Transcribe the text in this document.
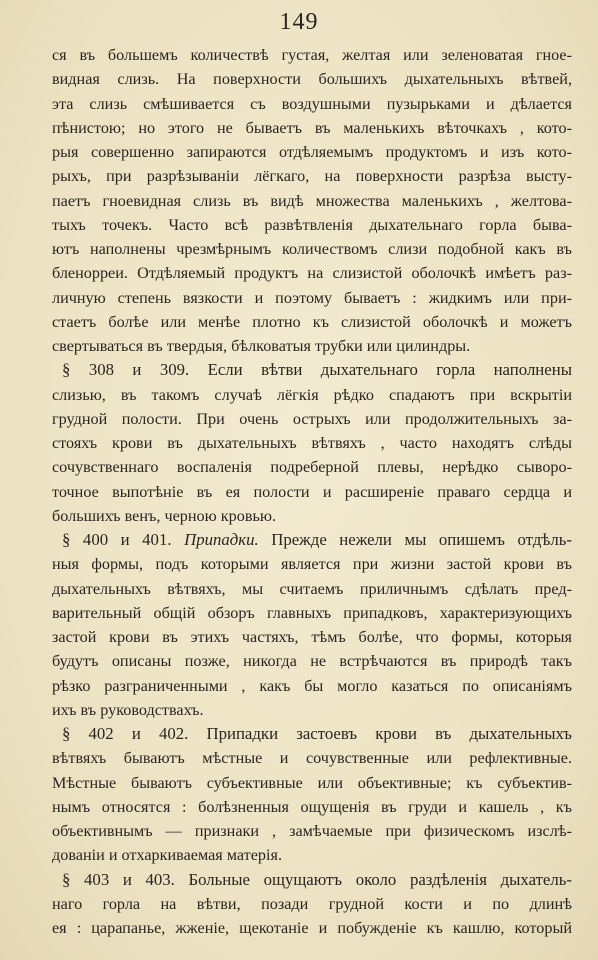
149
ся въ большемъ количествѣ густая, желтая или зеленоватая гное-
видная слизь. На поверхности большихъ дыхательныхъ вѣтвей,
эта слизь смѣшивается съ воздушными пузырьками и дѣлается
пѣнистою; но этого не бываетъ въ маленькихъ вѣточкахъ , кото-
рыя совершенно запираются отдѣляемымъ продуктомъ и изъ кото-
рыхъ, при разрѣзываніи лёгкаго, на поверхности разрѣза высту-
паетъ гноевидная слизь въ видѣ множества маленькихъ , желтова-
тыхъ точекъ. Часто всѣ развѣтвленія дыхательнаго горла быва-
ютъ наполнены чрезмѣрнымъ количествомъ слизи подобной какъ въ
бленорреи. Отдѣляемый продуктъ на слизистой оболочкѣ имѣетъ раз-
личную степень вязкости и поэтому бываетъ : жидкимъ или при-
стаетъ болѣе или менѣе плотно къ слизистой оболочкѣ и можетъ
свертываться въ твердыя, бѣлковатыя трубки или цилиндры.
§ 308 и 309. Если вѣтви дыхательнаго горла наполнены
слизью, въ такомъ случаѣ лёгкія рѣдко спадаютъ при вскрытіи
грудной полости. При очень острыхъ или продолжительныхъ за-
стояхъ крови въ дыхательныхъ вѣтвяхъ , часто находятъ слѣды
сочувственнаго воспаленія подреберной плевы, нерѣдко сыворо-
точное выпотѣніе въ ея полости и расширеніе праваго сердца и
большихъ венъ, черною кровью.
§ 400 и 401. Припадки. Прежде нежели мы опишемъ отдѣль-
ныя формы, подъ которыми является при жизни застой крови въ
дыхательныхъ вѣтвяхъ, мы считаемъ приличнымъ сдѣлать пред-
варительный общій обзоръ главныхъ припадковъ, характеризующихъ
застой крови въ этихъ частяхъ, тѣмъ болѣе, что формы, которыя
будутъ описаны позже, никогда не встрѣчаются въ природѣ такъ
рѣзко разграниченными , какъ бы могло казаться по описаніямъ
ихъ въ руководствахъ.
§ 402 и 402. Припадки застоевъ крови въ дыхательныхъ
вѣтвяхъ бываютъ мѣстные и сочувственные или рефлективные.
Мѣстные бываютъ субъективные или объективные; къ субъектив-
нымъ относятся : болѣзненныя ощущенія въ груди и кашель , къ
объективнымъ — признаки , замѣчаемые при физическомъ изслѣ-
дованіи и отхаркиваемая матерія.
§ 403 и 403. Больные ощущаютъ около раздѣленія дыхатель-
наго горла на вѣтви, позади грудной кости и по длинѣ
ея : царапанье, жженіе, щекотаніе и побужденіе къ кашлю, который
